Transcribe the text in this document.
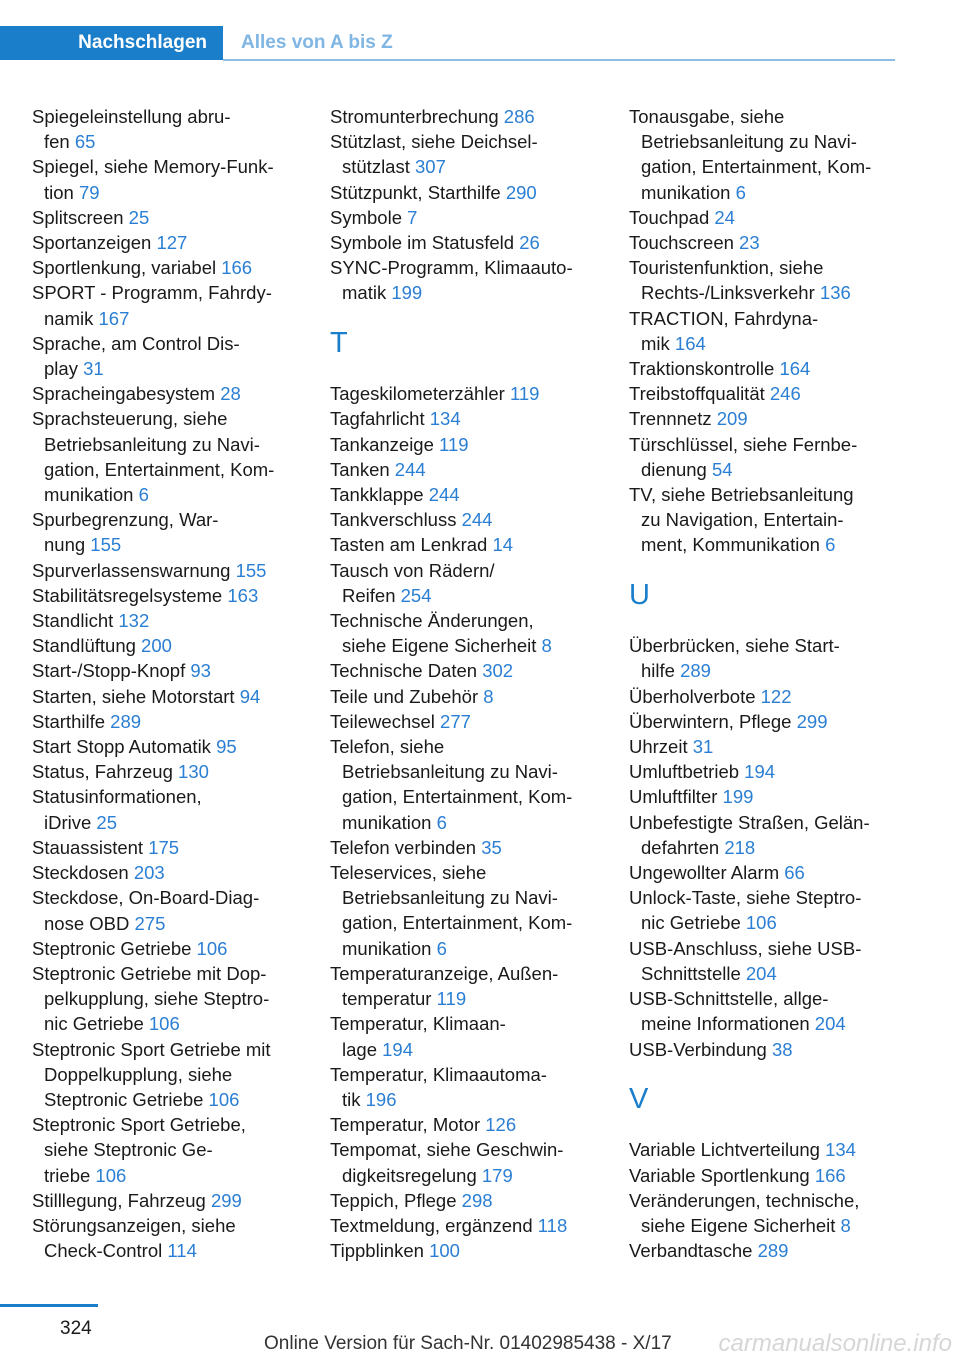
Nachschlagen	Alles von A bis Z
Spiegeleinstellung abru-
fen 65
Spiegel, siehe Memory-Funk-
tion 79
Splitscreen 25
Sportanzeigen 127
Sportlenkung, variabel 166
SPORT - Programm, Fahrdy-
namik 167
Sprache, am Control Dis-
play 31
Spracheingabesystem 28
Sprachsteuerung, siehe
Betriebsanleitung zu Navi-
gation, Entertainment, Kom-
munikation 6
Spurbegrenzung, War-
nung 155
Spurverlassenswarnung 155
Stabilitätsregelsysteme 163
Standlicht 132
Standlüftung 200
Start-/Stopp-Knopf 93
Starten, siehe Motorstart 94
Starthilfe 289
Start Stopp Automatik 95
Status, Fahrzeug 130
Statusinformationen,
iDrive 25
Stauassistent 175
Steckdosen 203
Steckdose, On-Board-Diag-
nose OBD 275
Steptronic Getriebe 106
Steptronic Getriebe mit Dop-
pelkupplung, siehe Steptro-
nic Getriebe 106
Steptronic Sport Getriebe mit
Doppelkupplung, siehe
Steptronic Getriebe 106
Steptronic Sport Getriebe,
siehe Steptronic Ge-
triebe 106
Stilllegung, Fahrzeug 299
Störungsanzeigen, siehe
Check-Control 114
Stromunterbrechung 286
Stützlast, siehe Deichsel-
stützlast 307
Stützpunkt, Starthilfe 290
Symbole 7
Symbole im Statusfeld 26
SYNC-Programm, Klimaauto-
matik 199
T
Tageskilometerzähler 119
Tagfahrlicht 134
Tankanzeige 119
Tanken 244
Tankklappe 244
Tankverschluss 244
Tasten am Lenkrad 14
Tausch von Rädern/
Reifen 254
Technische Änderungen,
siehe Eigene Sicherheit 8
Technische Daten 302
Teile und Zubehör 8
Teilewechsel 277
Telefon, siehe
Betriebsanleitung zu Navi-
gation, Entertainment, Kom-
munikation 6
Telefon verbinden 35
Teleservices, siehe
Betriebsanleitung zu Navi-
gation, Entertainment, Kom-
munikation 6
Temperaturanzeige, Außen-
temperatur 119
Temperatur, Klimaan-
lage 194
Temperatur, Klimaautoma-
tik 196
Temperatur, Motor 126
Tempomat, siehe Geschwin-
digkeitsregelung 179
Teppich, Pflege 298
Textmeldung, ergänzend 118
Tippblinken 100
Tonausgabe, siehe
Betriebsanleitung zu Navi-
gation, Entertainment, Kom-
munikation 6
Touchpad 24
Touchscreen 23
Touristenfunktion, siehe
Rechts-/Linksverkehr 136
TRACTION, Fahrdyna-
mik 164
Traktionskontrolle 164
Treibstoffqualität 246
Trennnetz 209
Türschlüssel, siehe Fernbe-
dienung 54
TV, siehe Betriebsanleitung
zu Navigation, Entertain-
ment, Kommunikation 6
U
Überbrücken, siehe Start-
hilfe 289
Überholverbote 122
Überwintern, Pflege 299
Uhrzeit 31
Umluftbetrieb 194
Umluftfilter 199
Unbefestigte Straßen, Gelän-
defahrten 218
Ungewollter Alarm 66
Unlock-Taste, siehe Steptro-
nic Getriebe 106
USB-Anschluss, siehe USB-
Schnittstelle 204
USB-Schnittstelle, allge-
meine Informationen 204
USB-Verbindung 38
V
Variable Lichtverteilung 134
Variable Sportlenkung 166
Veränderungen, technische,
siehe Eigene Sicherheit 8
Verbandtasche 289
324
Online Version für Sach-Nr. 01402985438 - X/17 carmanualsonline.info
